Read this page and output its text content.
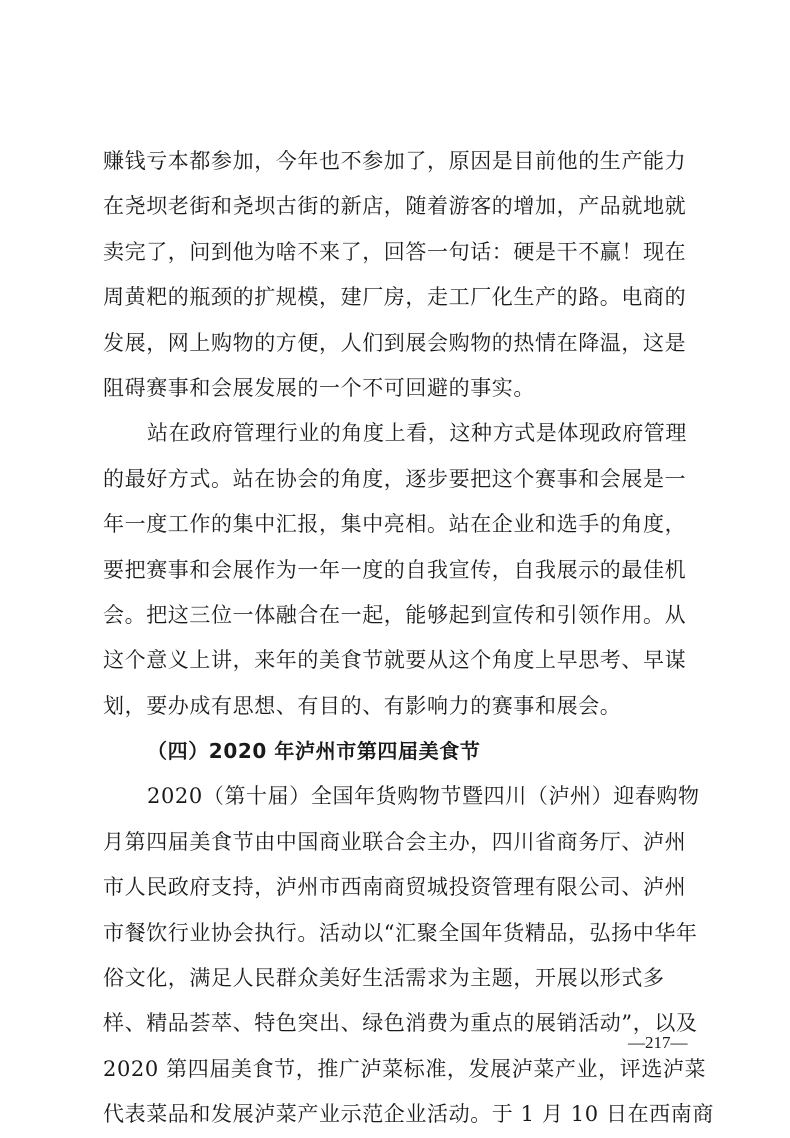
赚钱亏本都参加，今年也不参加了，原因是目前他的生产能力
在尧坝老街和尧坝古街的新店，随着游客的增加，产品就地就
卖完了，问到他为啥不来了，回答一句话：硬是干不赢！现在
周黄粑的瓶颈的扩规模，建厂房，走工厂化生产的路。电商的
发展，网上购物的方便，人们到展会购物的热情在降温，这是
阻碍赛事和会展发展的一个不可回避的事实。
站在政府管理行业的角度上看，这种方式是体现政府管理
的最好方式。站在协会的角度，逐步要把这个赛事和会展是一
年一度工作的集中汇报，集中亮相。站在企业和选手的角度，
要把赛事和会展作为一年一度的自我宣传，自我展示的最佳机
会。把这三位一体融合在一起，能够起到宣传和引领作用。从
这个意义上讲，来年的美食节就要从这个角度上早思考、早谋
划，要办成有思想、有目的、有影响力的赛事和展会。
（四）2020 年泸州市第四届美食节
2020（第十届）全国年货购物节暨四川（泸州）迎春购物
月第四届美食节由中国商业联合会主办，四川省商务厅、泸州
市人民政府支持，泸州市西南商贸城投资管理有限公司、泸州
市餐饮行业协会执行。活动以“汇聚全国年货精品，弘扬中华年
俗文化，满足人民群众美好生活需求为主题，开展以形式多
样、精品荟萃、特色突出、绿色消费为重点的展销活动”，以及
2020 第四届美食节，推广泸菜标准，发展泸菜产业，评选泸菜
代表菜品和发展泸菜产业示范企业活动。于 1 月 10 日在西南商
—217—
